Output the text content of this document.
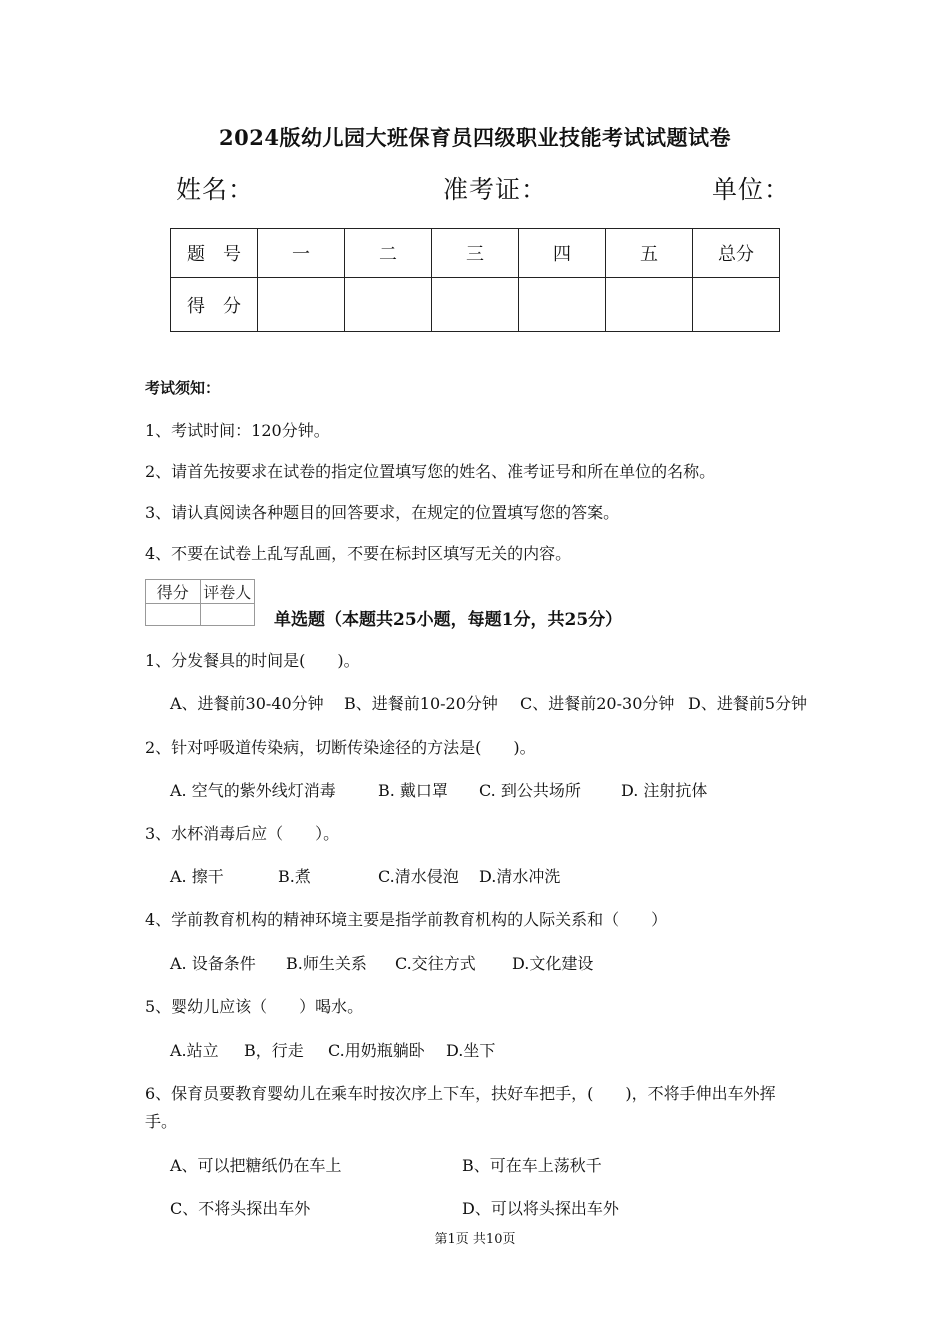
2024版幼儿园大班保育员四级职业技能考试试题试卷
姓名：	准考证：	单位：
题　号	一	二	三	四	五	总分
得　分						
考试须知：
1、考试时间：120分钟。
2、请首先按要求在试卷的指定位置填写您的姓名、准考证号和所在单位的名称。
3、请认真阅读各种题目的回答要求，在规定的位置填写您的答案。
4、不要在试卷上乱写乱画，不要在标封区填写无关的内容。
得分	评卷人

单选题（本题共25小题，每题1分，共25分）
1、分发餐具的时间是(　　)。
A、进餐前30-40分钟 B、进餐前10-20分钟 C、进餐前20-30分钟 D、进餐前5分钟
2、针对呼吸道传染病，切断传染途径的方法是(　　)。
A. 空气的紫外线灯消毒	B. 戴口罩 C. 到公共场所	D. 注射抗体
3、水杯消毒后应（　　）。
A. 擦干	B.煮	C.清水侵泡 D.清水冲洗
4、学前教育机构的精神环境主要是指学前教育机构的人际关系和（　　）
A. 设备条件 B.师生关系 C.交往方式 D.文化建设
5、婴幼儿应该（　　）喝水。
A.站立 B，行走 C.用奶瓶躺卧 D.坐下
6、保育员要教育婴幼儿在乘车时按次序上下车，扶好车把手，(　　)，不将手伸出车外挥
手。
A、可以把糖纸仍在车上	B、可在车上荡秋千
C、不将头探出车外	D、可以将头探出车外
第1页 共10页
